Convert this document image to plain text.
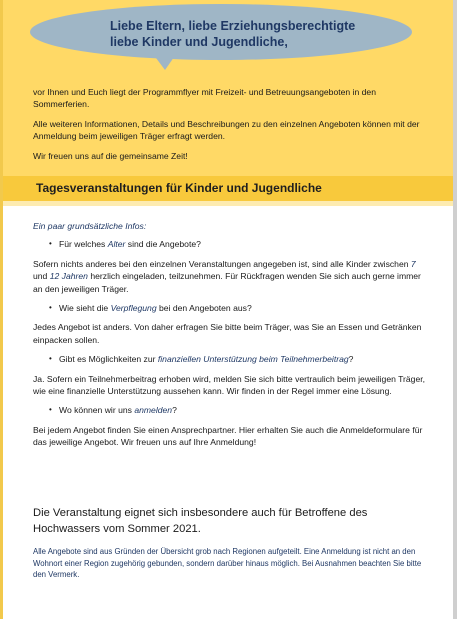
Liebe Eltern, liebe Erziehungsberechtigte
liebe Kinder und Jugendliche,

vor Ihnen und Euch liegt der Programmflyer mit Freizeit- und Betreuungsangeboten in den Sommerferien.

Alle weiteren Informationen, Details und Beschreibungen zu den einzelnen Angeboten können mit der Anmeldung beim jeweiligen Träger erfragt werden.

Wir freuen uns auf die gemeinsame Zeit!

Tagesveranstaltungen für Kinder und Jugendliche

Ein paar grundsätzliche Infos:

• Für welches Alter sind die Angebote?

Sofern nichts anderes bei den einzelnen Veranstaltungen angegeben ist, sind alle Kinder zwischen 7 und 12 Jahren herzlich eingeladen, teilzunehmen. Für Rückfragen wenden Sie sich auch gerne immer an den jeweiligen Träger.

• Wie sieht die Verpflegung bei den Angeboten aus?

Jedes Angebot ist anders. Von daher erfragen Sie bitte beim Träger, was Sie an Essen und Getränken einpacken sollen.

• Gibt es Möglichkeiten zur finanziellen Unterstützung beim Teilnehmerbeitrag?

Ja. Sofern ein Teilnehmerbeitrag erhoben wird, melden Sie sich bitte vertraulich beim jeweiligen Träger, wie eine finanzielle Unterstützung aussehen kann. Wir finden in der Regel immer eine Lösung.

• Wo können wir uns anmelden?

Bei jedem Angebot finden Sie einen Ansprechpartner. Hier erhalten Sie auch die Anmeldeformulare für das jeweilige Angebot. Wir freuen uns auf Ihre Anmeldung!

Die Veranstaltung eignet sich insbesondere auch für Betroffene des Hochwassers vom Sommer 2021.
Alle Angebote sind aus Gründen der Übersicht grob nach Regionen aufgeteilt. Eine Anmeldung ist nicht an den Wohnort einer Region zugehörig gebunden, sondern darüber hinaus möglich. Bei Ausnahmen beachten Sie bitte den Vermerk.
